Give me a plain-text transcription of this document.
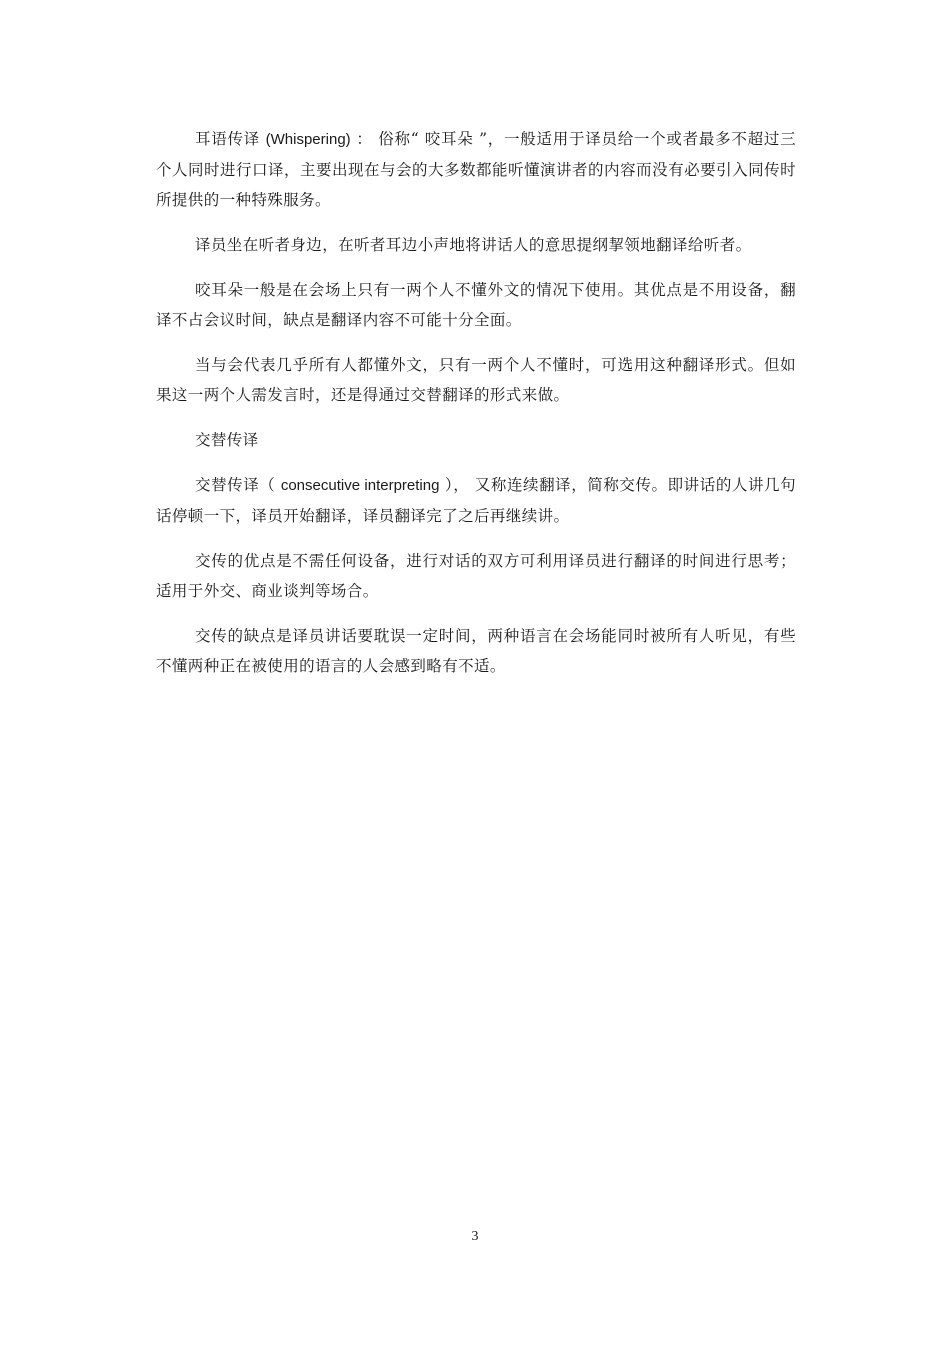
耳语传译 (Whispering) ： 俗称“ 咬耳朵 ”，一般适用于译员给一个或者最多不超过三个人同时进行口译，主要出现在与会的大多数都能听懂演讲者的内容而没有必要引入同传时所提供的一种特殊服务。

译员坐在听者身边，在听者耳边小声地将讲话人的意思提纲挈领地翻译给听者。

咬耳朵一般是在会场上只有一两个人不懂外文的情况下使用。其优点是不用设备，翻译不占会议时间，缺点是翻译内容不可能十分全面。

当与会代表几乎所有人都懂外文，只有一两个人不懂时，可选用这种翻译形式。但如果这一两个人需发言时，还是得通过交替翻译的形式来做。

交替传译

交替传译（ consecutive interpreting ）， 又称连续翻译，简称交传。即讲话的人讲几句话停顿一下，译员开始翻译，译员翻译完了之后再继续讲。

交传的优点是不需任何设备，进行对话的双方可利用译员进行翻译的时间进行思考；适用于外交、商业谈判等场合。

交传的缺点是译员讲话要耽误一定时间，两种语言在会场能同时被所有人听见，有些不懂两种正在被使用的语言的人会感到略有不适。

3
